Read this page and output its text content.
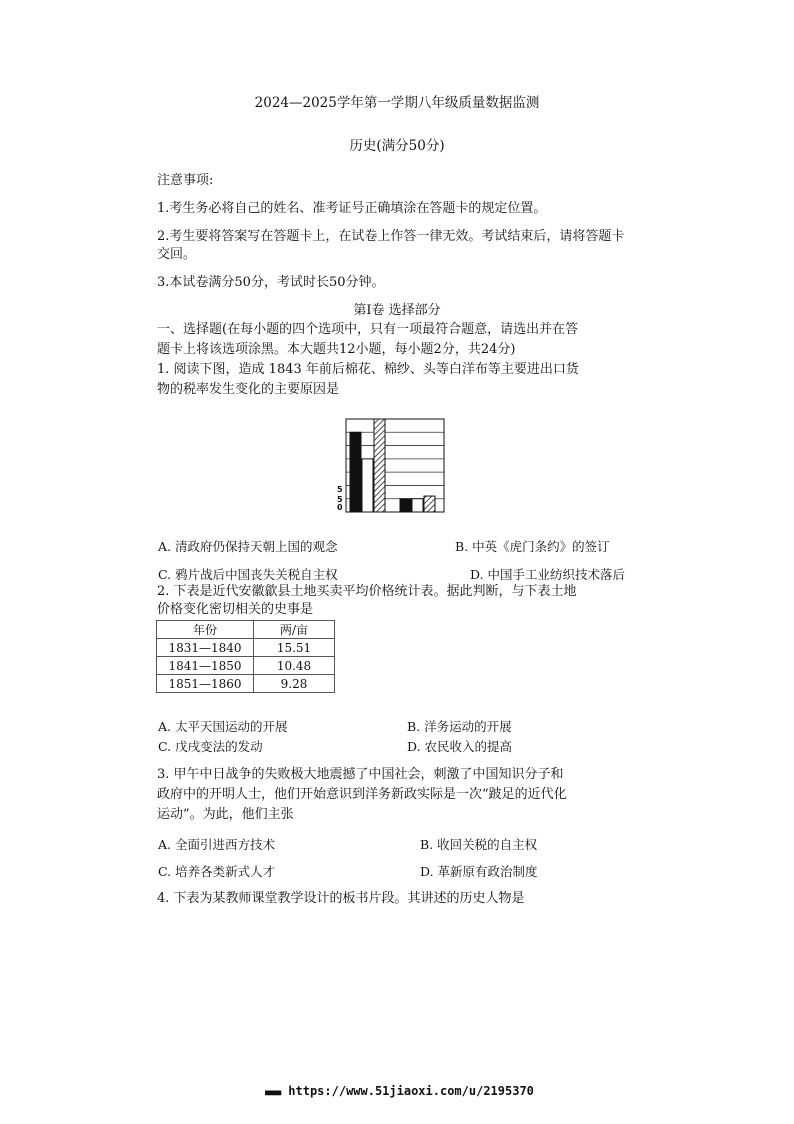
2024—2025学年第一学期八年级质量数据监测
历史(满分50分)
注意事项:
1.考生务必将自己的姓名、准考证号正确填涂在答题卡的规定位置。
2.考生要将答案写在答题卡上，在试卷上作答一律无效。考试结束后，请将答题卡
交回。
3.本试卷满分50分，考试时长50分钟。
第Ⅰ卷 选择部分
一、选择题(在每小题的四个选项中，只有一项最符合题意，请选出并在答
题卡上将该选项涂黑。本大题共12小题，每小题2分，共24分)
1. 阅读下图，造成 1843 年前后棉花、棉纱、头等白洋布等主要进出口货
物的税率发生变化的主要原因是
5
5
0
A. 清政府仍保持天朝上国的观念	B. 中英《虎门条约》的签订
C. 鸦片战后中国丧失关税自主权	D. 中国手工业纺织技术落后
2. 下表是近代安徽歙县土地买卖平均价格统计表。据此判断，与下表土地
价格变化密切相关的史事是
年份	两/亩
1831—1840	15.51
1841—1850	10.48
1851—1860	9.28
A. 太平天国运动的开展	B. 洋务运动的开展
C. 戊戌变法的发动	D. 农民收入的提高
3. 甲午中日战争的失败极大地震撼了中国社会，刺激了中国知识分子和
政府中的开明人士，他们开始意识到洋务新政实际是一次“跛足的近代化
运动”。为此，他们主张
A. 全面引进西方技术	B. 收回关税的自主权
C. 培养各类新式人才	D. 革新原有政治制度
4. 下表为某教师课堂教学设计的板书片段。其讲述的历史人物是
■■■■ https://www.51jiaoxi.com/u/2195370
